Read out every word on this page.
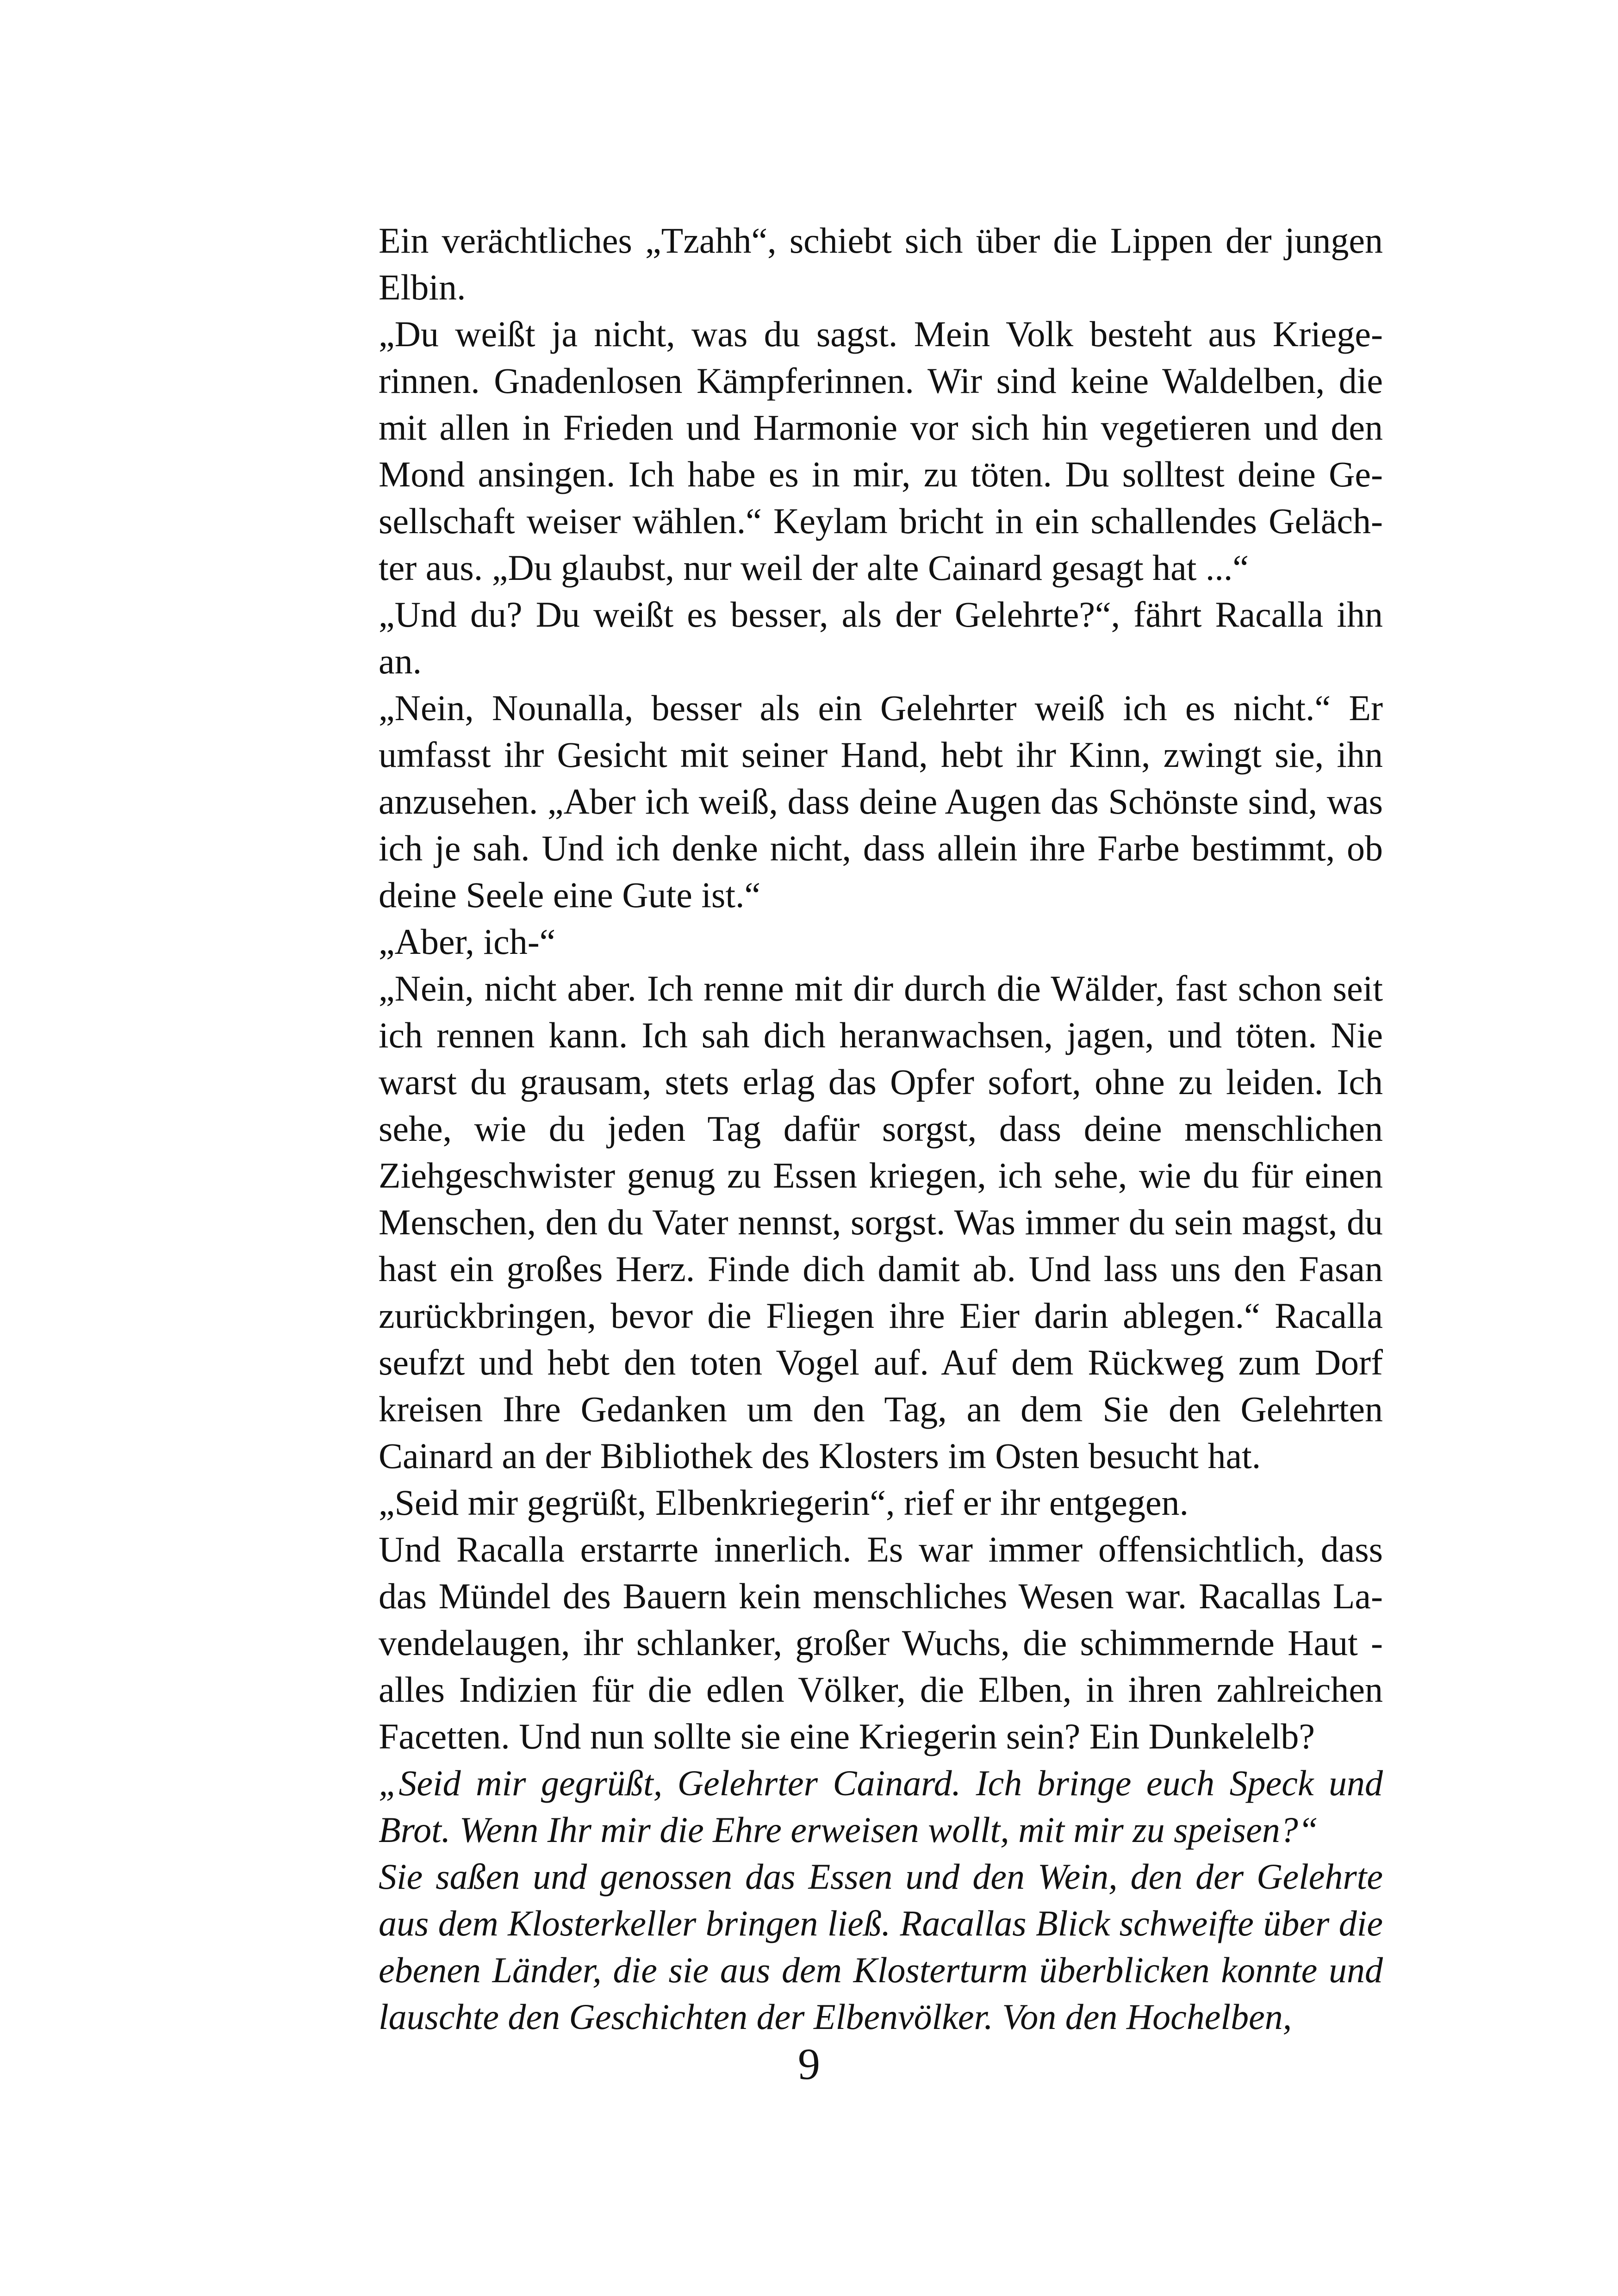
Ein verächtliches „Tzahh“, schiebt sich über die Lippen der jungen Elbin.

„Du weißt ja nicht, was du sagst. Mein Volk besteht aus Kriegerinnen. Gnadenlosen Kämpferinnen. Wir sind keine Waldelben, die mit allen in Frieden und Harmonie vor sich hin vegetieren und den Mond ansingen. Ich habe es in mir, zu töten. Du solltest deine Gesellschaft weiser wählen.“ Keylam bricht in ein schallendes Gelächter aus. „Du glaubst, nur weil der alte Cainard gesagt hat ...“

„Und du? Du weißt es besser, als der Gelehrte?“, fährt Racalla ihn an.

„Nein, Nounalla, besser als ein Gelehrter weiß ich es nicht.“ Er umfasst ihr Gesicht mit seiner Hand, hebt ihr Kinn, zwingt sie, ihn anzusehen. „Aber ich weiß, dass deine Augen das Schönste sind, was ich je sah. Und ich denke nicht, dass allein ihre Farbe bestimmt, ob deine Seele eine Gute ist.“

„Aber, ich-“

„Nein, nicht aber. Ich renne mit dir durch die Wälder, fast schon seit ich rennen kann. Ich sah dich heranwachsen, jagen, und töten. Nie warst du grausam, stets erlag das Opfer sofort, ohne zu leiden. Ich sehe, wie du jeden Tag dafür sorgst, dass deine menschlichen Ziehgeschwister genug zu Essen kriegen, ich sehe, wie du für einen Menschen, den du Vater nennst, sorgst. Was immer du sein magst, du hast ein großes Herz. Finde dich damit ab. Und lass uns den Fasan zurückbringen, bevor die Fliegen ihre Eier darin ablegen.“ Racalla seufzt und hebt den toten Vogel auf. Auf dem Rückweg zum Dorf kreisen Ihre Gedanken um den Tag, an dem Sie den Gelehrten Cainard an der Bibliothek des Klosters im Osten besucht hat.

„Seid mir gegrüßt, Elbenkriegerin“, rief er ihr entgegen.

Und Racalla erstarrte innerlich. Es war immer offensichtlich, dass das Mündel des Bauern kein menschliches Wesen war. Racallas Lavendelaugen, ihr schlanker, großer Wuchs, die schimmernde Haut - alles Indizien für die edlen Völker, die Elben, in ihren zahlreichen Facetten. Und nun sollte sie eine Kriegerin sein? Ein Dunkelelb?

„Seid mir gegrüßt, Gelehrter Cainard. Ich bringe euch Speck und Brot. Wenn Ihr mir die Ehre erweisen wollt, mit mir zu speisen?“

Sie saßen und genossen das Essen und den Wein, den der Gelehrte aus dem Klosterkeller bringen ließ. Racallas Blick schweifte über die ebenen Länder, die sie aus dem Klosterturm überblicken konnte und lauschte den Geschichten der Elbenvölker. Von den Hochelben,

9
